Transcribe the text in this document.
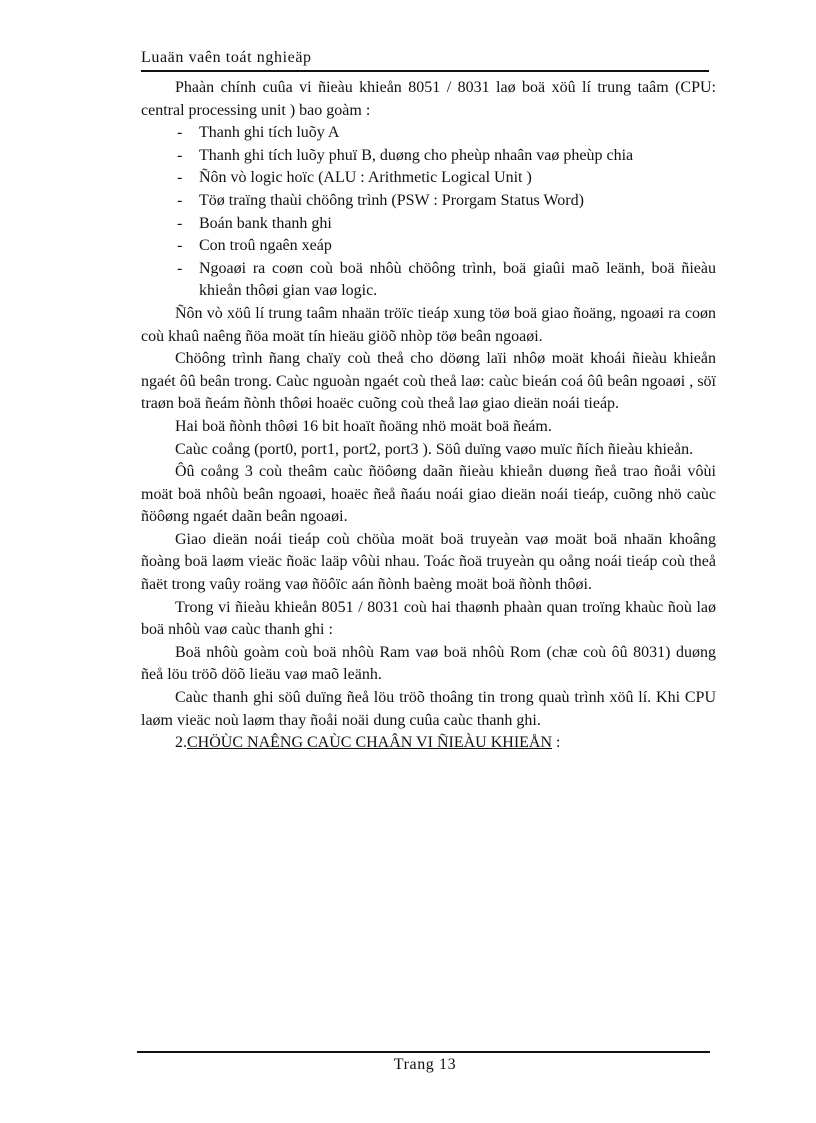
Luaän vaên toát nghieäp

Phaàn chính cuûa vi ñieàu khieån 8051 / 8031 laø boä xöû lí trung taâm (CPU: central processing unit ) bao goàm :

- Thanh ghi tích luõy A
- Thanh ghi tích luõy phuï B, duøng cho pheùp nhaân vaø pheùp chia
- Ñôn vò logic hoïc (ALU : Arithmetic Logical Unit )
- Töø traïng thaùi chöông trình (PSW : Prorgam Status Word)
- Boán bank thanh ghi
- Con troû ngaên xeáp
- Ngoaøi ra coøn coù boä nhôù chöông trình, boä giaûi maõ leänh, boä ñieàu khieån thôøi gian vaø logic.

Ñôn vò xöû lí trung taâm nhaän tröïc tieáp xung töø boä giao ñoäng, ngoaøi ra coøn coù khaû naêng ñöa moät tín hieäu giöõ nhòp töø beân ngoaøi.

Chöông trình ñang chaïy coù theå cho döøng laïi nhôø moät khoái ñieàu khieån ngaét ôû beân trong. Caùc nguoàn ngaét coù theå laø: caùc bieán coá ôû beân ngoaøi , söï traøn boä ñeám ñònh thôøi hoaëc cuõng coù theå laø giao dieän noái tieáp.

Hai boä ñònh thôøi 16 bit hoaït ñoäng nhö moät boä ñeám.

Caùc coång (port0, port1, port2, port3 ). Söû duïng vaøo muïc ñích ñieàu khieån.

Ôû coång 3 coù theâm caùc ñöôøng daãn ñieàu khieån duøng ñeå trao ñoåi vôùi moät boä nhôù beân ngoaøi, hoaëc ñeå ñaáu noái giao dieän noái tieáp, cuõng nhö caùc ñöôøng ngaét daãn beân ngoaøi.

Giao dieän noái tieáp coù chöùa moät boä truyeàn vaø moät boä nhaän khoâng ñoàng boä laøm vieäc ñoäc laäp vôùi nhau. Toác ñoä truyeàn qu oång noái tieáp coù theå ñaët trong vaûy roäng vaø ñöôïc aán ñònh baèng moät boä ñònh thôøi.

Trong vi ñieàu khieån 8051 / 8031 coù hai thaønh phaàn quan troïng khaùc ñoù laø boä nhôù vaø caùc thanh ghi :

Boä nhôù goàm coù boä nhôù Ram vaø boä nhôù Rom (chæ coù ôû 8031) duøng ñeå löu tröõ döõ lieäu vaø maõ leänh.

Caùc thanh ghi söû duïng ñeå löu tröõ thoâng tin trong quaù trình xöû lí. Khi CPU laøm vieäc noù laøm thay ñoåi noäi dung cuûa caùc thanh ghi.

2.CHÖÙC NAÊNG CAÙC CHAÂN VI ÑIEÀU KHIEÅN :

Trang 13
